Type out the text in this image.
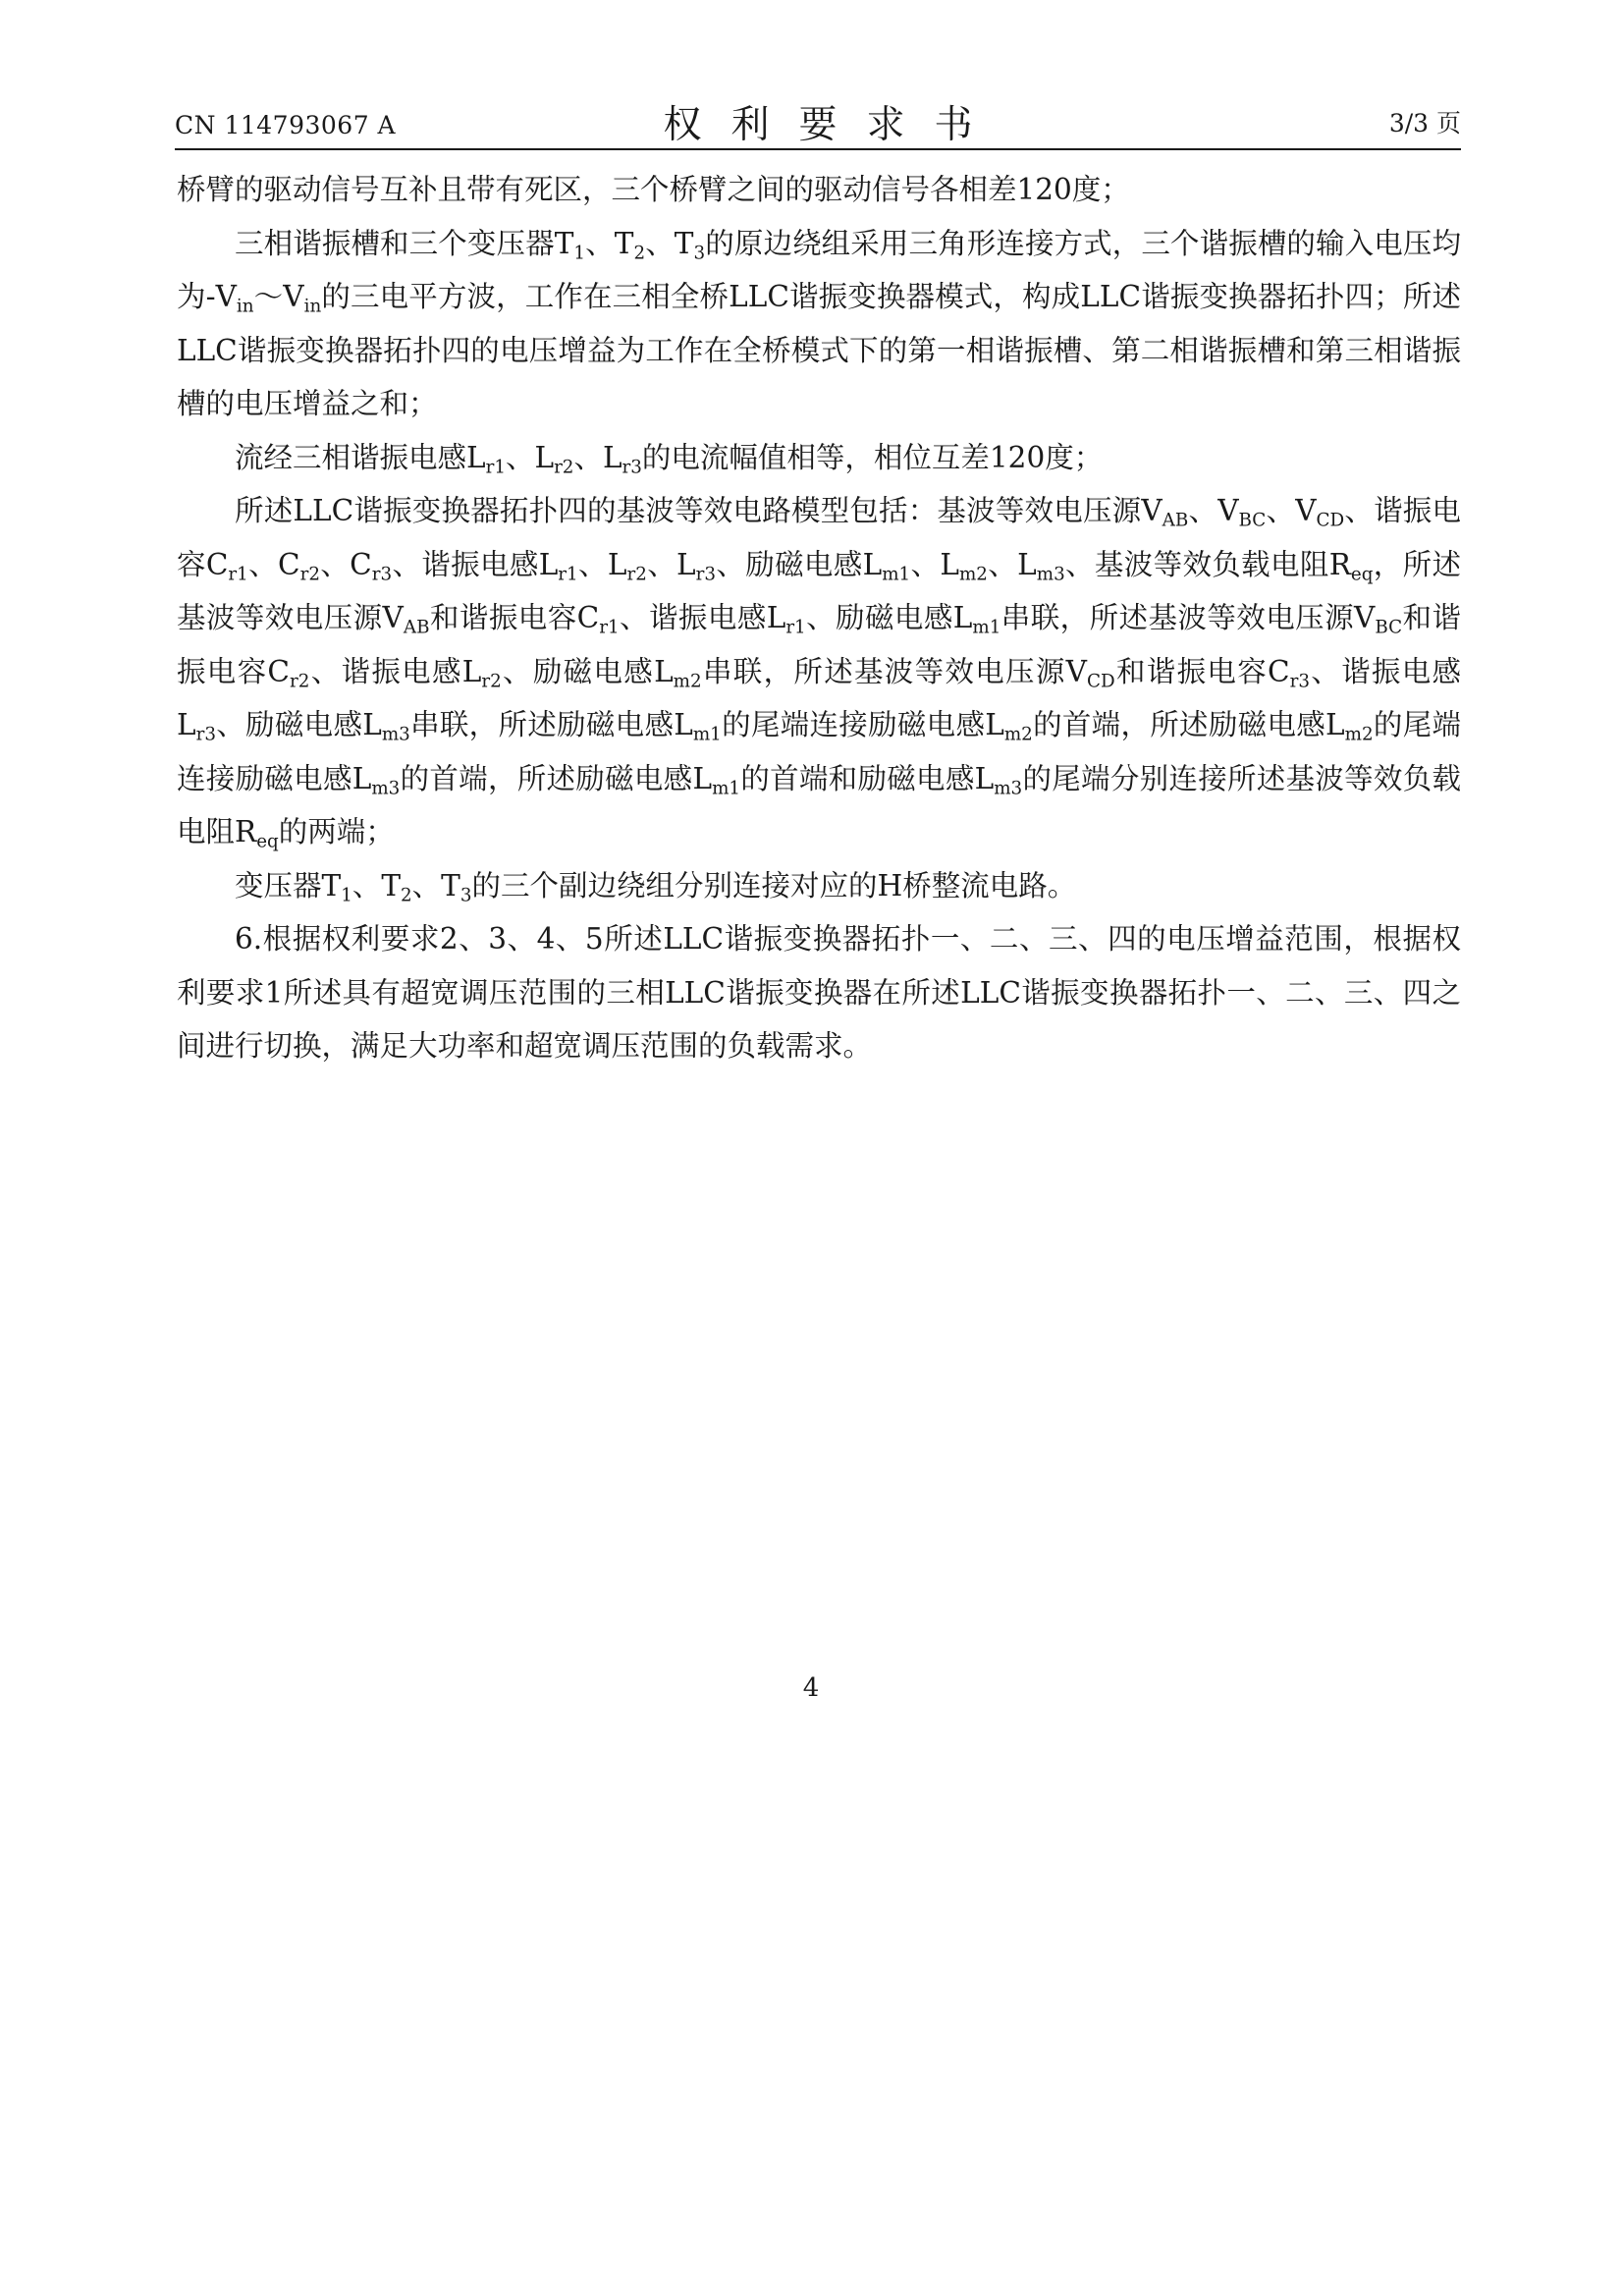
CN 114793067 A	权利要求书	3/3 页

桥臂的驱动信号互补且带有死区，三个桥臂之间的驱动信号各相差120度；

三相谐振槽和三个变压器$T_1$、$T_2$、$T_3$的原边绕组采用三角形连接方式，三个谐振槽的输入电压均为$-V_{in}\sim V_{in}$的三电平方波，工作在三相全桥LLC谐振变换器模式，构成LLC谐振变换器拓扑四；所述LLC谐振变换器拓扑四的电压增益为工作在全桥模式下的第一相谐振槽、第二相谐振槽和第三相谐振槽的电压增益之和；

流经三相谐振电感$L_{r1}$、$L_{r2}$、$L_{r3}$的电流幅值相等，相位互差120度；

所述LLC谐振变换器拓扑四的基波等效电路模型包括：基波等效电压源$V_{AB}$、$V_{BC}$、$V_{CD}$、谐振电容$C_{r1}$、$C_{r2}$、$C_{r3}$、谐振电感$L_{r1}$、$L_{r2}$、$L_{r3}$、励磁电感$L_{m1}$、$L_{m2}$、$L_{m3}$、基波等效负载电阻$R_{eq}$，所述基波等效电压源$V_{AB}$和谐振电容$C_{r1}$、谐振电感$L_{r1}$、励磁电感$L_{m1}$串联，所述基波等效电压源$V_{BC}$和谐振电容$C_{r2}$、谐振电感$L_{r2}$、励磁电感$L_{m2}$串联，所述基波等效电压源$V_{CD}$和谐振电容$C_{r3}$、谐振电感$L_{r3}$、励磁电感$L_{m3}$串联，所述励磁电感$L_{m1}$的尾端连接励磁电感$L_{m2}$的首端，所述励磁电感$L_{m2}$的尾端连接励磁电感$L_{m3}$的首端，所述励磁电感$L_{m1}$的首端和励磁电感$L_{m3}$的尾端分别连接所述基波等效负载电阻$R_{eq}$的两端；

变压器$T_1$、$T_2$、$T_3$的三个副边绕组分别连接对应的H桥整流电路。

6.根据权利要求2、3、4、5所述LLC谐振变换器拓扑一、二、三、四的电压增益范围，根据权利要求1所述具有超宽调压范围的三相LLC谐振变换器在所述LLC谐振变换器拓扑一、二、三、四之间进行切换，满足大功率和超宽调压范围的负载需求。

4
